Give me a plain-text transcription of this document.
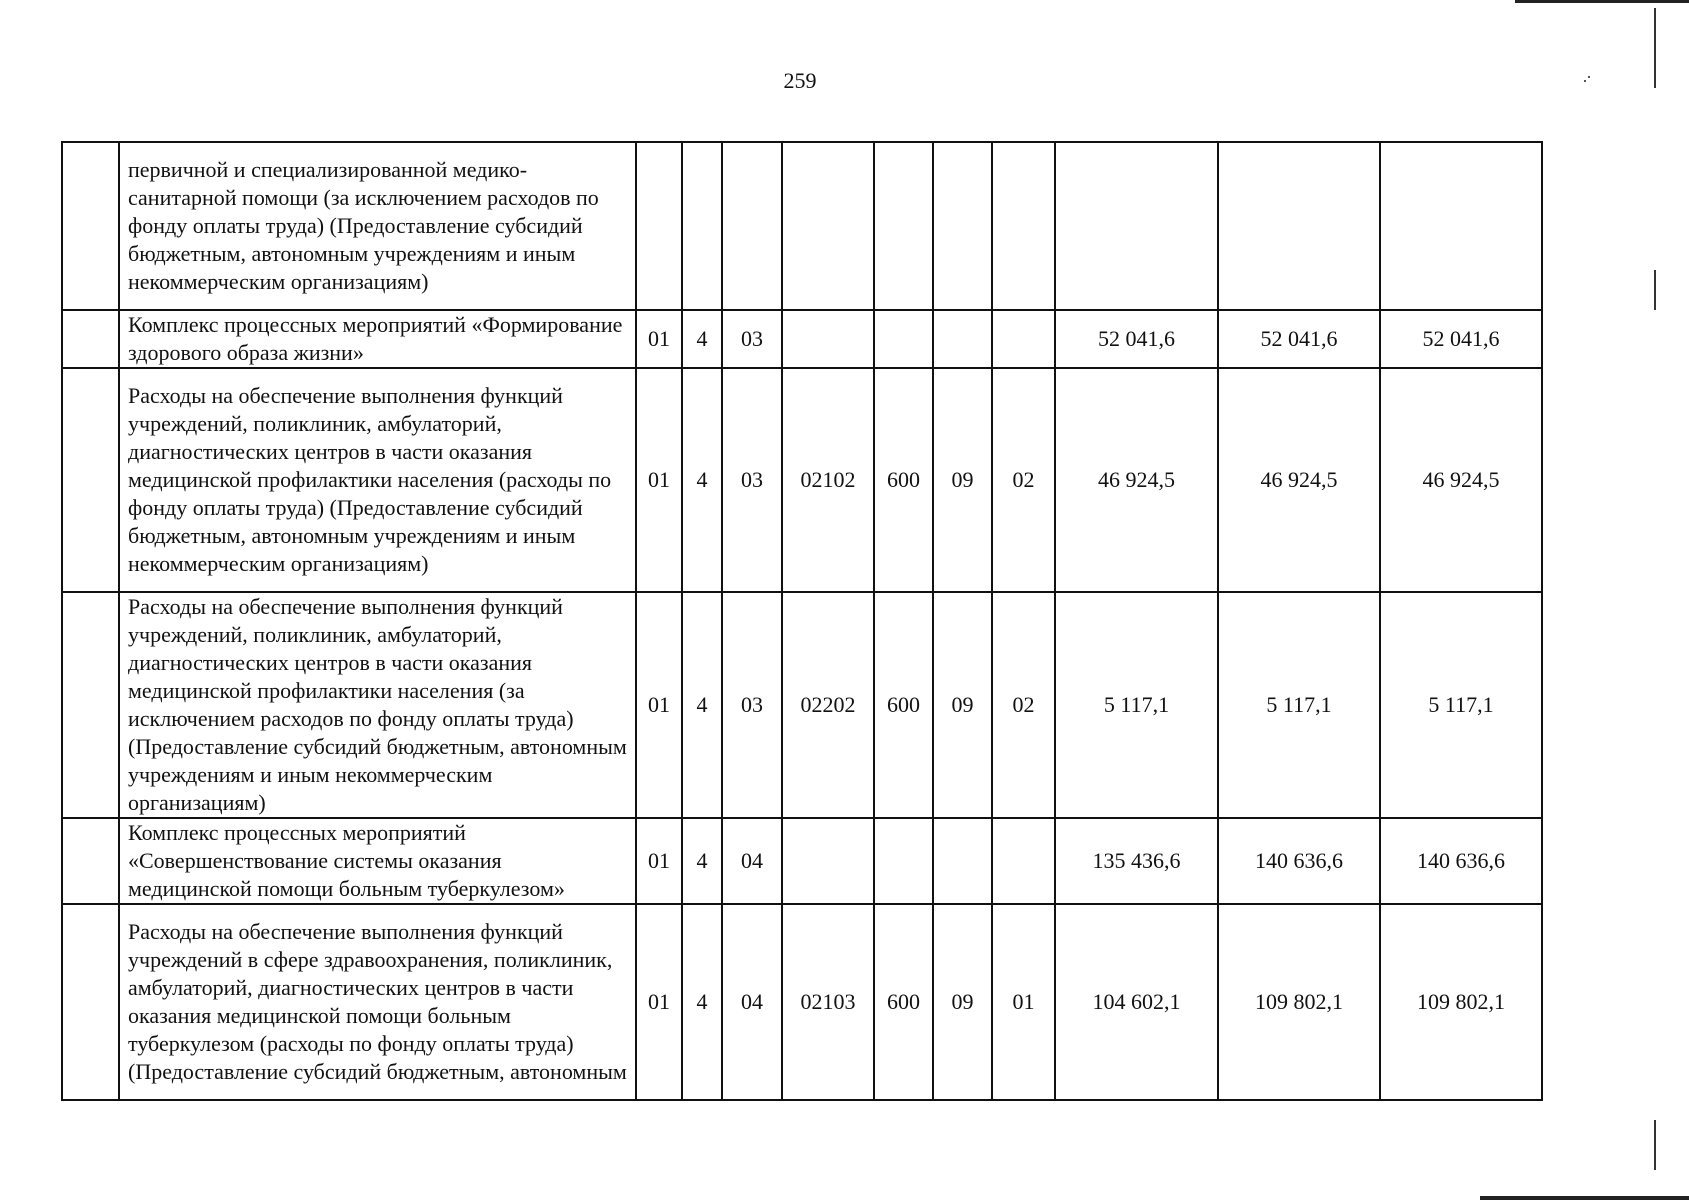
259
	первичной и специализированной медико-санитарной помощи (за исключением расходов по фонду оплаты труда) (Предоставление субсидий бюджетным, автономным учреждениям и иным некоммерческим организациям)										
	Комплекс процессных мероприятий «Формирование здорового образа жизни»	01	4	03					52 041,6	52 041,6	52 041,6
	Расходы на обеспечение выполнения функций учреждений, поликлиник, амбулаторий, диагностических центров в части оказания медицинской профилактики населения (расходы по фонду оплаты труда) (Предоставление субсидий бюджетным, автономным учреждениям и иным некоммерческим организациям)	01	4	03	02102	600	09	02	46 924,5	46 924,5	46 924,5
	Расходы на обеспечение выполнения функций учреждений, поликлиник, амбулаторий, диагностических центров в части оказания медицинской профилактики населения (за исключением расходов по фонду оплаты труда) (Предоставление субсидий бюджетным, автономным учреждениям и иным некоммерческим организациям)	01	4	03	02202	600	09	02	5 117,1	5 117,1	5 117,1
	Комплекс процессных мероприятий «Совершенствование системы оказания медицинской помощи больным туберкулезом»	01	4	04					135 436,6	140 636,6	140 636,6
	Расходы на обеспечение выполнения функций учреждений в сфере здравоохранения, поликлиник, амбулаторий, диагностических центров в части оказания медицинской помощи больным туберкулезом (расходы по фонду оплаты труда) (Предоставление субсидий бюджетным, автономным	01	4	04	02103	600	09	01	104 602,1	109 802,1	109 802,1
